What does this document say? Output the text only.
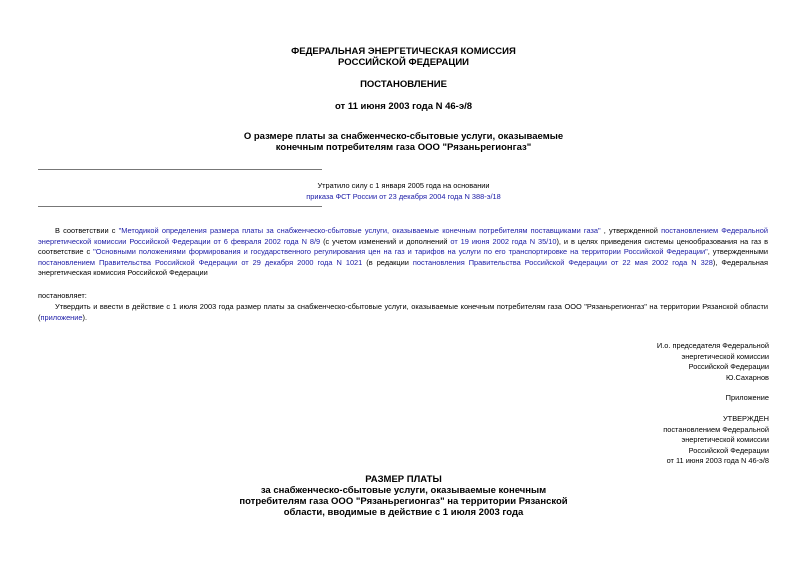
ФЕДЕРАЛЬНАЯ ЭНЕРГЕТИЧЕСКАЯ КОМИССИЯ
РОССИЙСКОЙ ФЕДЕРАЦИИ
ПОСТАНОВЛЕНИЕ
от 11 июня 2003 года N 46-э/8
О размере платы за снабженческо-сбытовые услуги, оказываемые
конечным потребителям газа ООО "Рязаньрегионгаз"
Утратило силу с 1 января 2005 года на основании
приказа ФСТ России от 23 декабря 2004 года N 388-э/18
В соответствии с "Методикой определения размера платы за снабженческо-сбытовые услуги, оказываемые конечным потребителям поставщиками газа" , утвержденной постановлением Федеральной энергетической комиссии Российской Федерации от 6 февраля 2002 года N 8/9 (с учетом изменений и дополнений от 19 июня 2002 года N 35/10), и в целях приведения системы ценообразования на газ в соответствие с "Основными положениями формирования и государственного регулирования цен на газ и тарифов на услуги по его транспортировке на территории Российской Федерации", утвержденными постановлением Правительства Российской Федерации от 29 декабря 2000 года N 1021 (в редакции постановления Правительства Российской Федерации от 22 мая 2002 года N 328), Федеральная энергетическая комиссия Российской Федерации
постановляет:
Утвердить и ввести в действие с 1 июля 2003 года размер платы за снабженческо-сбытовые услуги, оказываемые конечным потребителям газа ООО "Рязаньрегионгаз" на территории Рязанской области (приложение).
И.о. председателя Федеральной
энергетической комиссии
Российской Федерации
Ю.Сахарнов
Приложение
УТВЕРЖДЕН
постановлением Федеральной
энергетической комиссии
Российской Федерации
от 11 июня 2003 года N 46-э/8
РАЗМЕР ПЛАТЫ
за снабженческо-сбытовые услуги, оказываемые конечным
потребителям газа ООО "Рязаньрегионгаз" на территории Рязанской
области, вводимые в действие с 1 июля 2003 года
